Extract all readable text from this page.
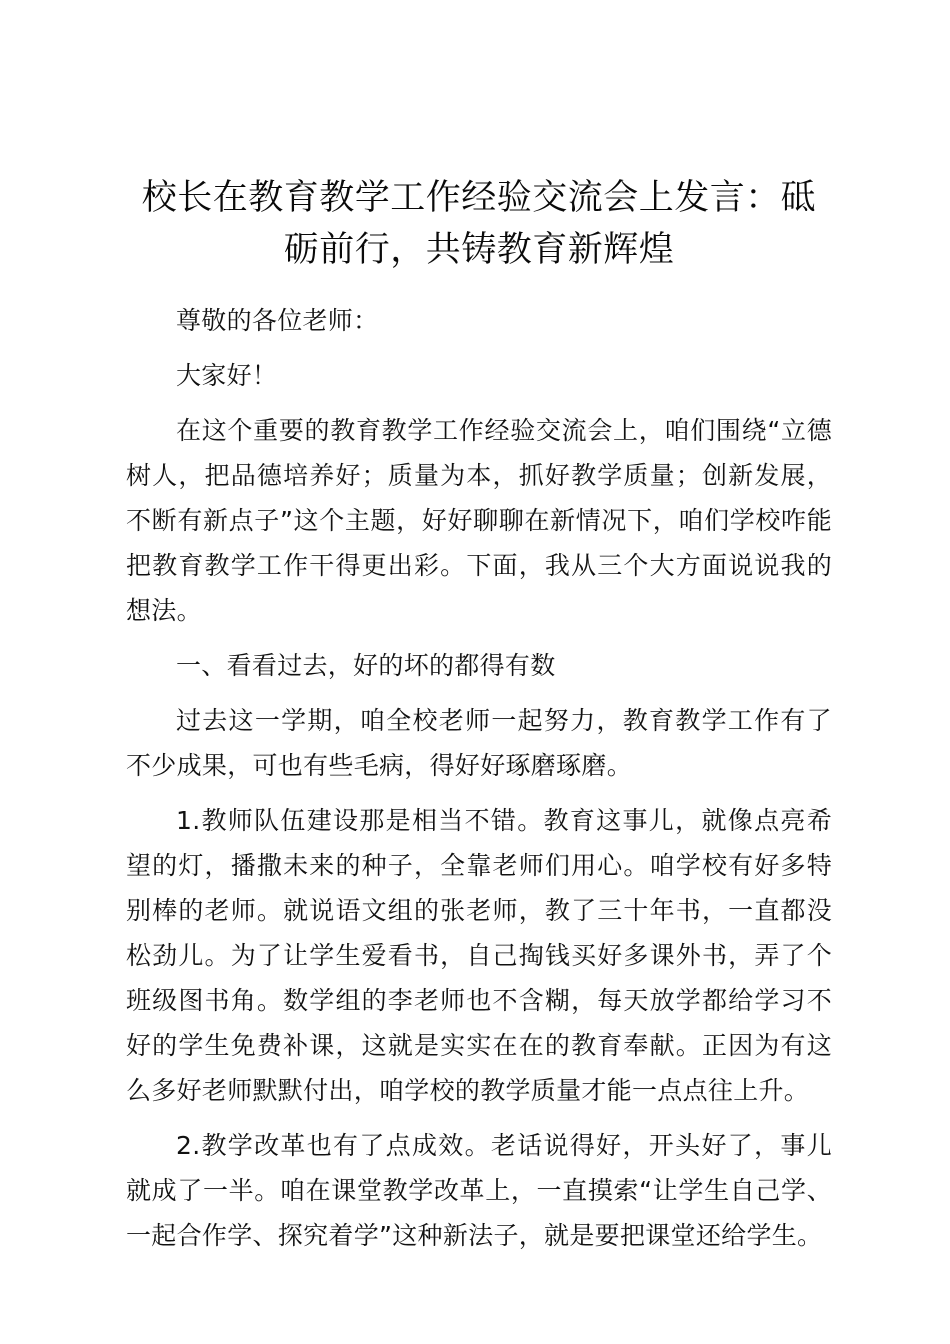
校长在教育教学工作经验交流会上发言：砥砺前行，共铸教育新辉煌

尊敬的各位老师：

大家好！

在这个重要的教育教学工作经验交流会上，咱们围绕“立德树人，把品德培养好；质量为本，抓好教学质量；创新发展，不断有新点子”这个主题，好好聊聊在新情况下，咱们学校咋能把教育教学工作干得更出彩。下面，我从三个大方面说说我的想法。

一、看看过去，好的坏的都得有数

过去这一学期，咱全校老师一起努力，教育教学工作有了不少成果，可也有些毛病，得好好琢磨琢磨。

1.教师队伍建设那是相当不错。教育这事儿，就像点亮希望的灯，播撒未来的种子，全靠老师们用心。咱学校有好多特别棒的老师。就说语文组的张老师，教了三十年书，一直都没松劲儿。为了让学生爱看书，自己掏钱买好多课外书，弄了个班级图书角。数学组的李老师也不含糊，每天放学都给学习不好的学生免费补课，这就是实实在在的教育奉献。正因为有这么多好老师默默付出，咱学校的教学质量才能一点点往上升。

2.教学改革也有了点成效。老话说得好，开头好了，事儿就成了一半。咱在课堂教学改革上，一直摸索“让学生自己学、一起合作学、探究着学”这种新法子，就是要把课堂还给学生。
